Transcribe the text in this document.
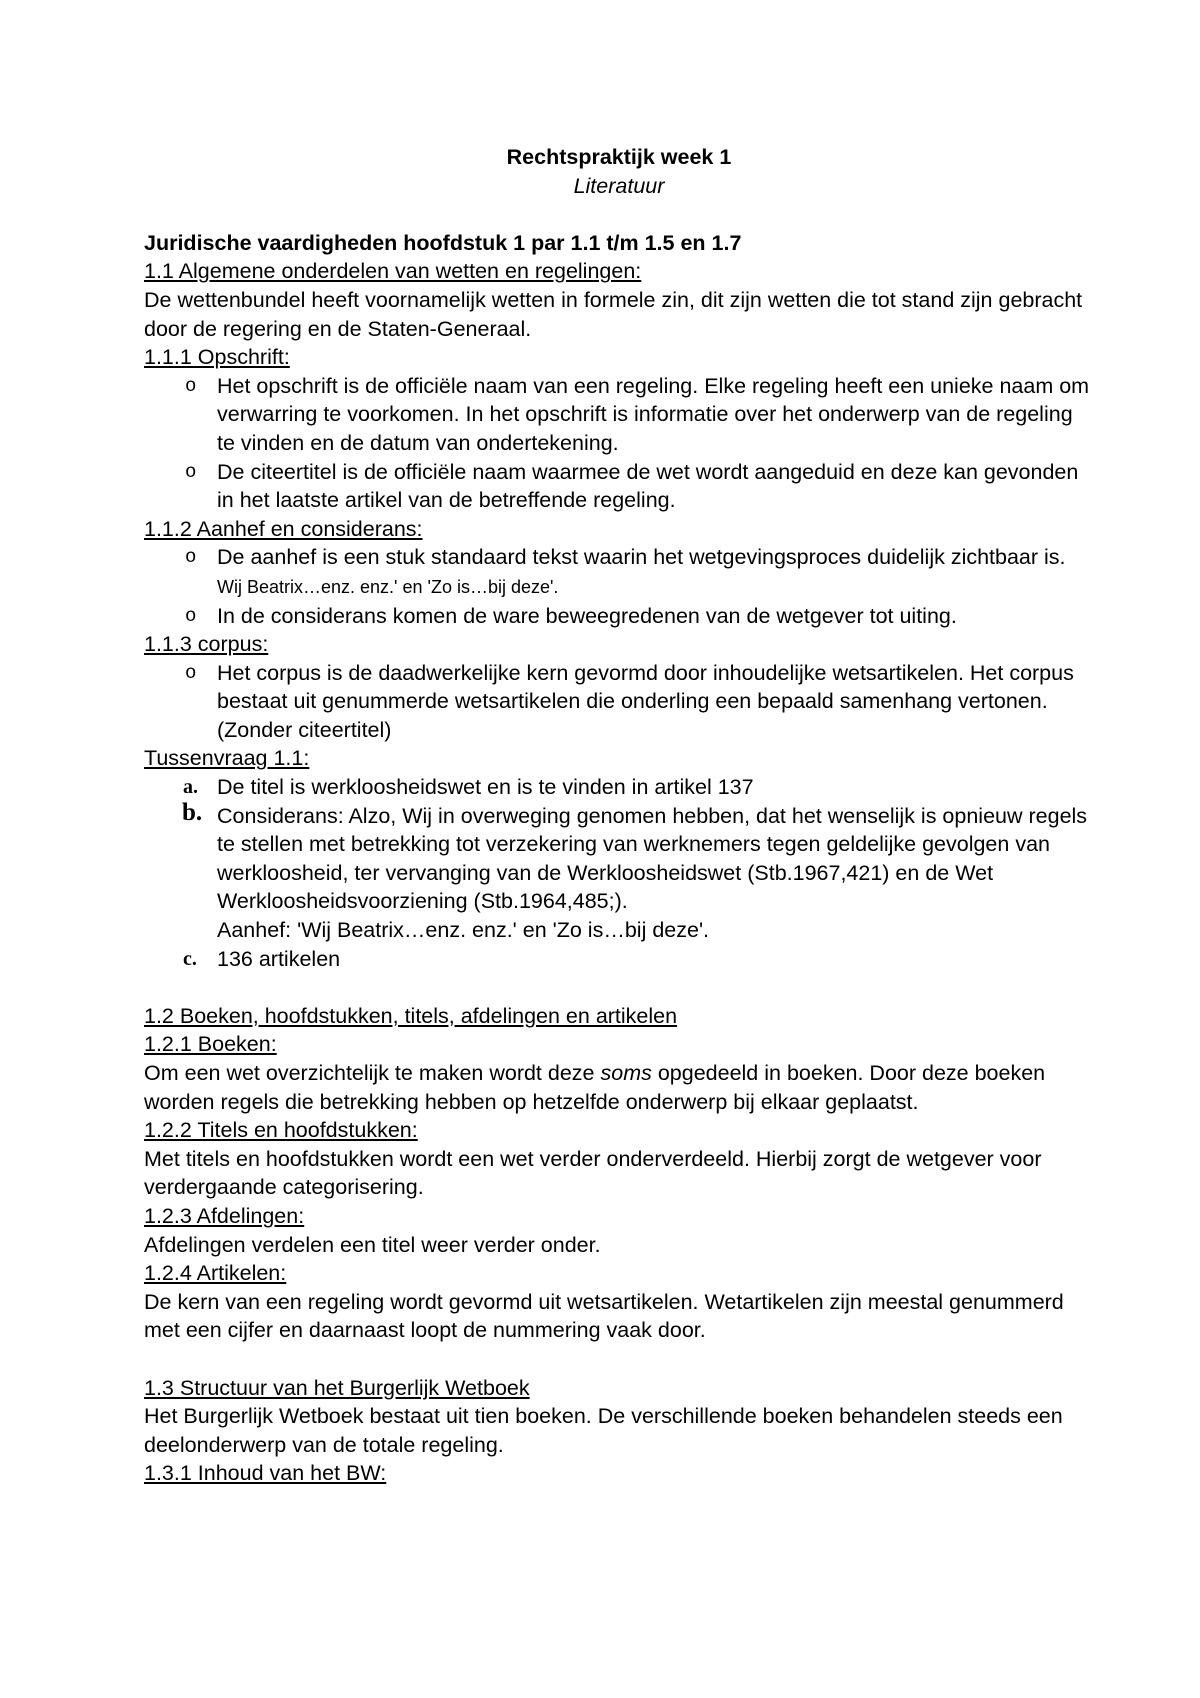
Rechtspraktijk week 1

Literatuur

Juridische vaardigheden hoofdstuk 1 par 1.1 t/m 1.5 en 1.7

1.1 Algemene onderdelen van wetten en regelingen:

De wettenbundel heeft voornamelijk wetten in formele zin, dit zijn wetten die tot stand zijn gebracht door de regering en de Staten-Generaal.

1.1.1 Opschrift:

o Het opschrift is de officiële naam van een regeling. Elke regeling heeft een unieke naam om verwarring te voorkomen. In het opschrift is informatie over het onderwerp van de regeling te vinden en de datum van ondertekening.
o De citeertitel is de officiële naam waarmee de wet wordt aangeduid en deze kan gevonden in het laatste artikel van de betreffende regeling.

1.1.2 Aanhef en considerans:

o De aanhef is een stuk standaard tekst waarin het wetgevingsproces duidelijk zichtbaar is. Wij Beatrix…enz. enz.' en 'Zo is…bij deze'.
o In de considerans komen de ware beweegredenen van de wetgever tot uiting.

1.1.3 corpus:

o Het corpus is de daadwerkelijke kern gevormd door inhoudelijke wetsartikelen. Het corpus bestaat uit genummerde wetsartikelen die onderling een bepaald samenhang vertonen. (Zonder citeertitel)

Tussenvraag 1.1:

a. De titel is werkloosheidswet en is te vinden in artikel 137
b. Considerans: Alzo, Wij in overweging genomen hebben, dat het wenselijk is opnieuw regels te stellen met betrekking tot verzekering van werknemers tegen geldelijke gevolgen van werkloosheid, ter vervanging van de Werkloosheidswet (Stb.1967,421) en de Wet Werkloosheidsvoorziening (Stb.1964,485;).
Aanhef: 'Wij Beatrix…enz. enz.' en 'Zo is…bij deze'.
c. 136 artikelen

1.2 Boeken, hoofdstukken, titels, afdelingen en artikelen

1.2.1 Boeken:

Om een wet overzichtelijk te maken wordt deze soms opgedeeld in boeken. Door deze boeken worden regels die betrekking hebben op hetzelfde onderwerp bij elkaar geplaatst.

1.2.2 Titels en hoofdstukken:

Met titels en hoofdstukken wordt een wet verder onderverdeeld. Hierbij zorgt de wetgever voor verdergaande categorisering.

1.2.3 Afdelingen:

Afdelingen verdelen een titel weer verder onder.

1.2.4 Artikelen:

De kern van een regeling wordt gevormd uit wetsartikelen. Wetartikelen zijn meestal genummerd met een cijfer en daarnaast loopt de nummering vaak door.

1.3 Structuur van het Burgerlijk Wetboek

Het Burgerlijk Wetboek bestaat uit tien boeken. De verschillende boeken behandelen steeds een deelonderwerp van de totale regeling.

1.3.1 Inhoud van het BW:
